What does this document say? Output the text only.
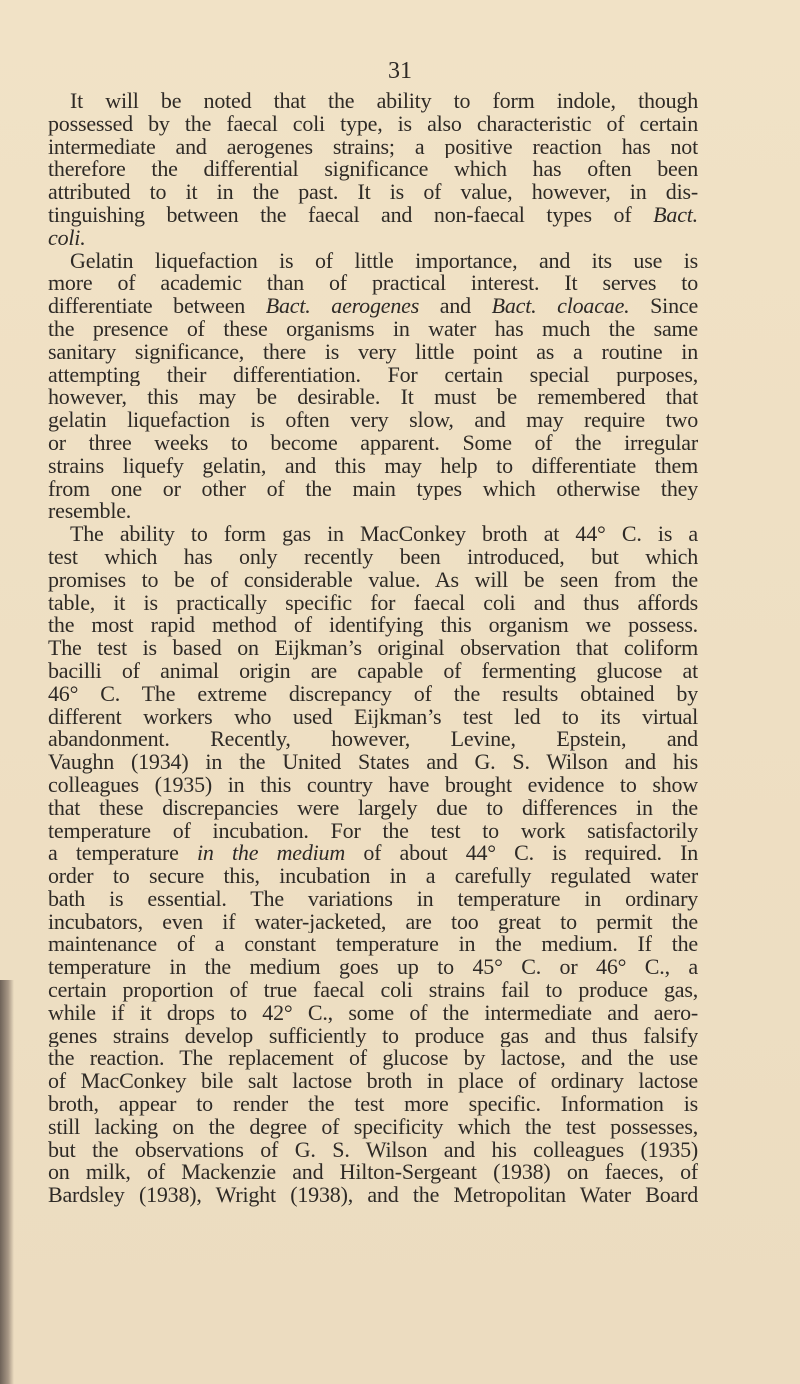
31
It will be noted that the ability to form indole, though
possessed by the faecal coli type, is also characteristic of certain
intermediate and aerogenes strains; a positive reaction has not
therefore the differential significance which has often been
attributed to it in the past. It is of value, however, in dis-
tinguishing between the faecal and non-faecal types of Bact.
coli.
Gelatin liquefaction is of little importance, and its use is
more of academic than of practical interest. It serves to
differentiate between Bact. aerogenes and Bact. cloacae. Since
the presence of these organisms in water has much the same
sanitary significance, there is very little point as a routine in
attempting their differentiation. For certain special purposes,
however, this may be desirable. It must be remembered that
gelatin liquefaction is often very slow, and may require two
or three weeks to become apparent. Some of the irregular
strains liquefy gelatin, and this may help to differentiate them
from one or other of the main types which otherwise they
resemble.
The ability to form gas in MacConkey broth at 44° C. is a
test which has only recently been introduced, but which
promises to be of considerable value. As will be seen from the
table, it is practically specific for faecal coli and thus affords
the most rapid method of identifying this organism we possess.
The test is based on Eijkman’s original observation that coliform
bacilli of animal origin are capable of fermenting glucose at
46° C. The extreme discrepancy of the results obtained by
different workers who used Eijkman’s test led to its virtual
abandonment. Recently, however, Levine, Epstein, and
Vaughn (1934) in the United States and G. S. Wilson and his
colleagues (1935) in this country have brought evidence to show
that these discrepancies were largely due to differences in the
temperature of incubation. For the test to work satisfactorily
a temperature in the medium of about 44° C. is required. In
order to secure this, incubation in a carefully regulated water
bath is essential. The variations in temperature in ordinary
incubators, even if water-jacketed, are too great to permit the
maintenance of a constant temperature in the medium. If the
temperature in the medium goes up to 45° C. or 46° C., a
certain proportion of true faecal coli strains fail to produce gas,
while if it drops to 42° C., some of the intermediate and aero-
genes strains develop sufficiently to produce gas and thus falsify
the reaction. The replacement of glucose by lactose, and the use
of MacConkey bile salt lactose broth in place of ordinary lactose
broth, appear to render the test more specific. Information is
still lacking on the degree of specificity which the test possesses,
but the observations of G. S. Wilson and his colleagues (1935)
on milk, of Mackenzie and Hilton-Sergeant (1938) on faeces, of
Bardsley (1938), Wright (1938), and the Metropolitan Water Board
